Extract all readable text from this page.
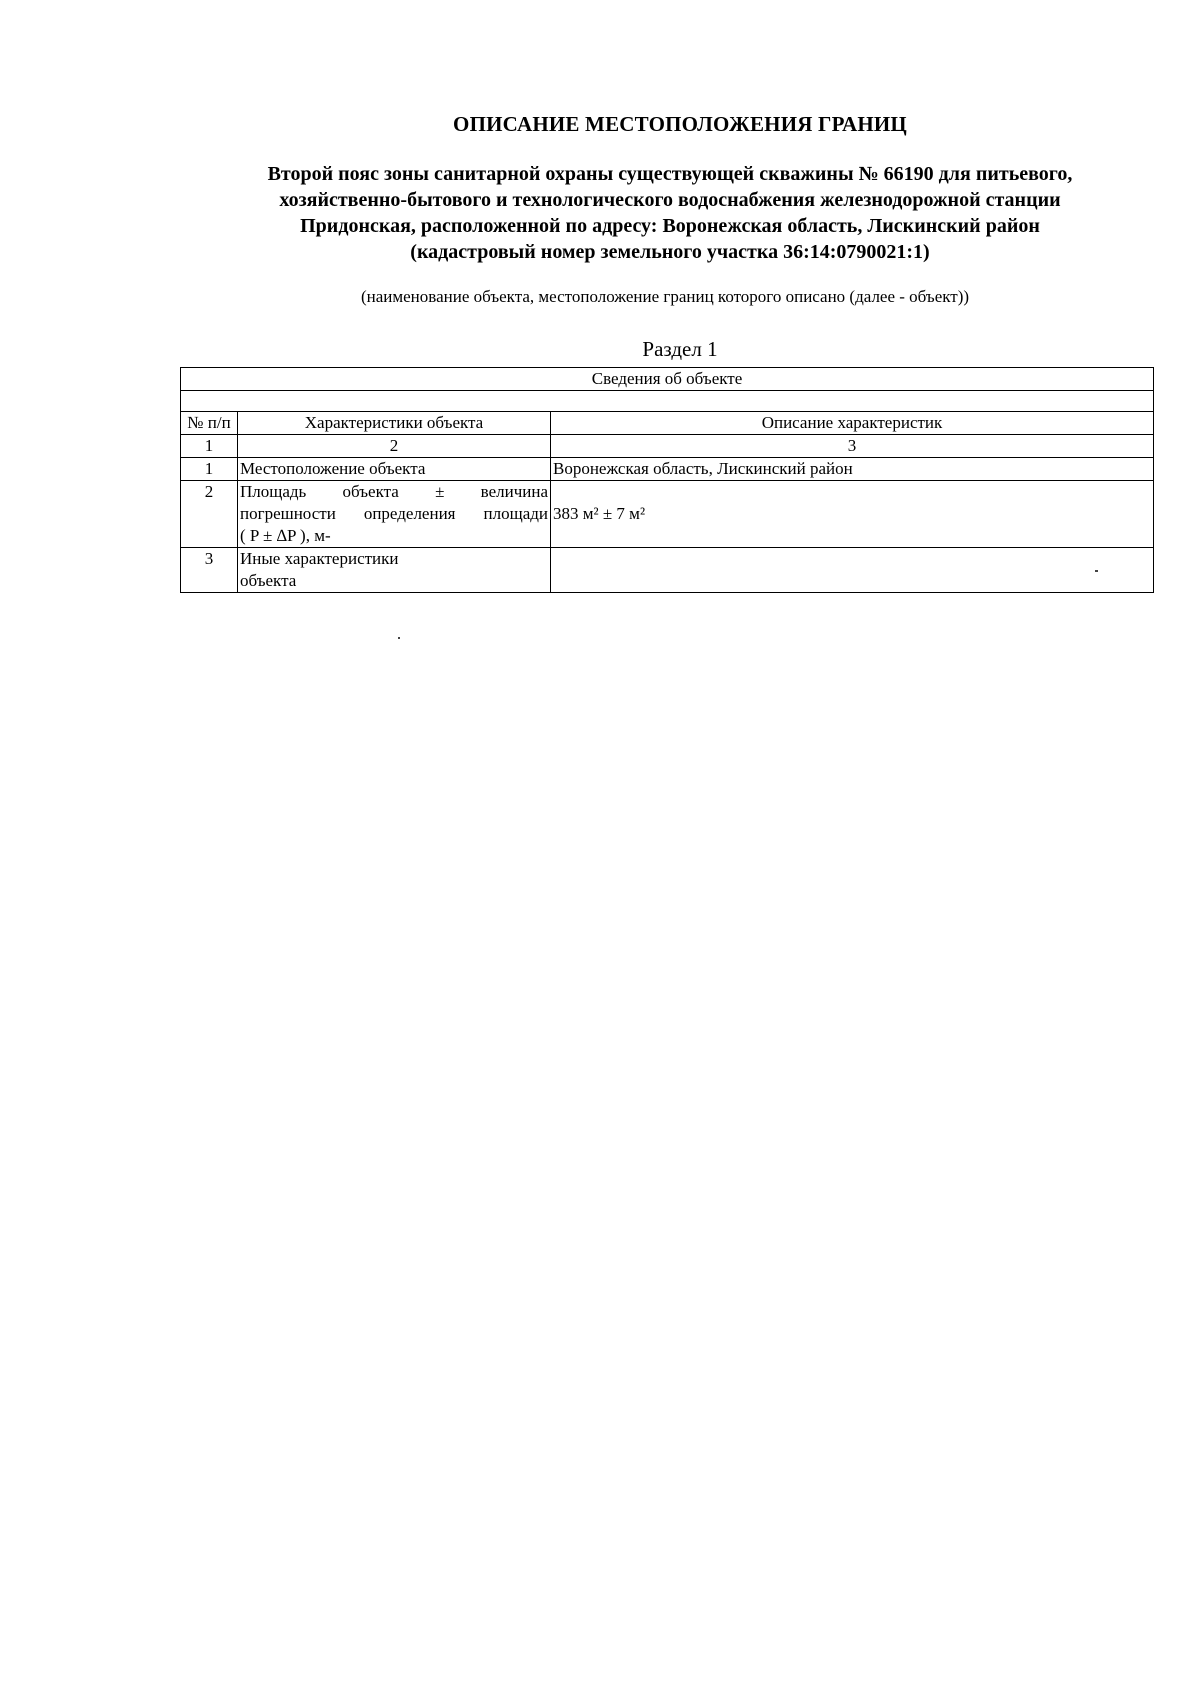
ОПИСАНИЕ МЕСТОПОЛОЖЕНИЯ ГРАНИЦ
Второй пояс зоны санитарной охраны существующей скважины № 66190 для питьевого,
хозяйственно-бытового и технологического водоснабжения железнодорожной станции
Придонская, расположенной по адресу: Воронежская область, Лискинский район
(кадастровый номер земельного участка 36:14:0790021:1)
(наименование объекта, местоположение границ которого описано (далее - объект))
Раздел 1
Сведения об объекте		

№ п/п	Характеристики объекта	Описание характеристик
1	2	3
1	Местоположение объекта	Воронежская область, Лискинский район
2	Площадь объекта ± величина
погрешности определения площади
( P ± ∆P ), м-	383 м² ± 7 м²
3	Иные характеристики
объекта	
